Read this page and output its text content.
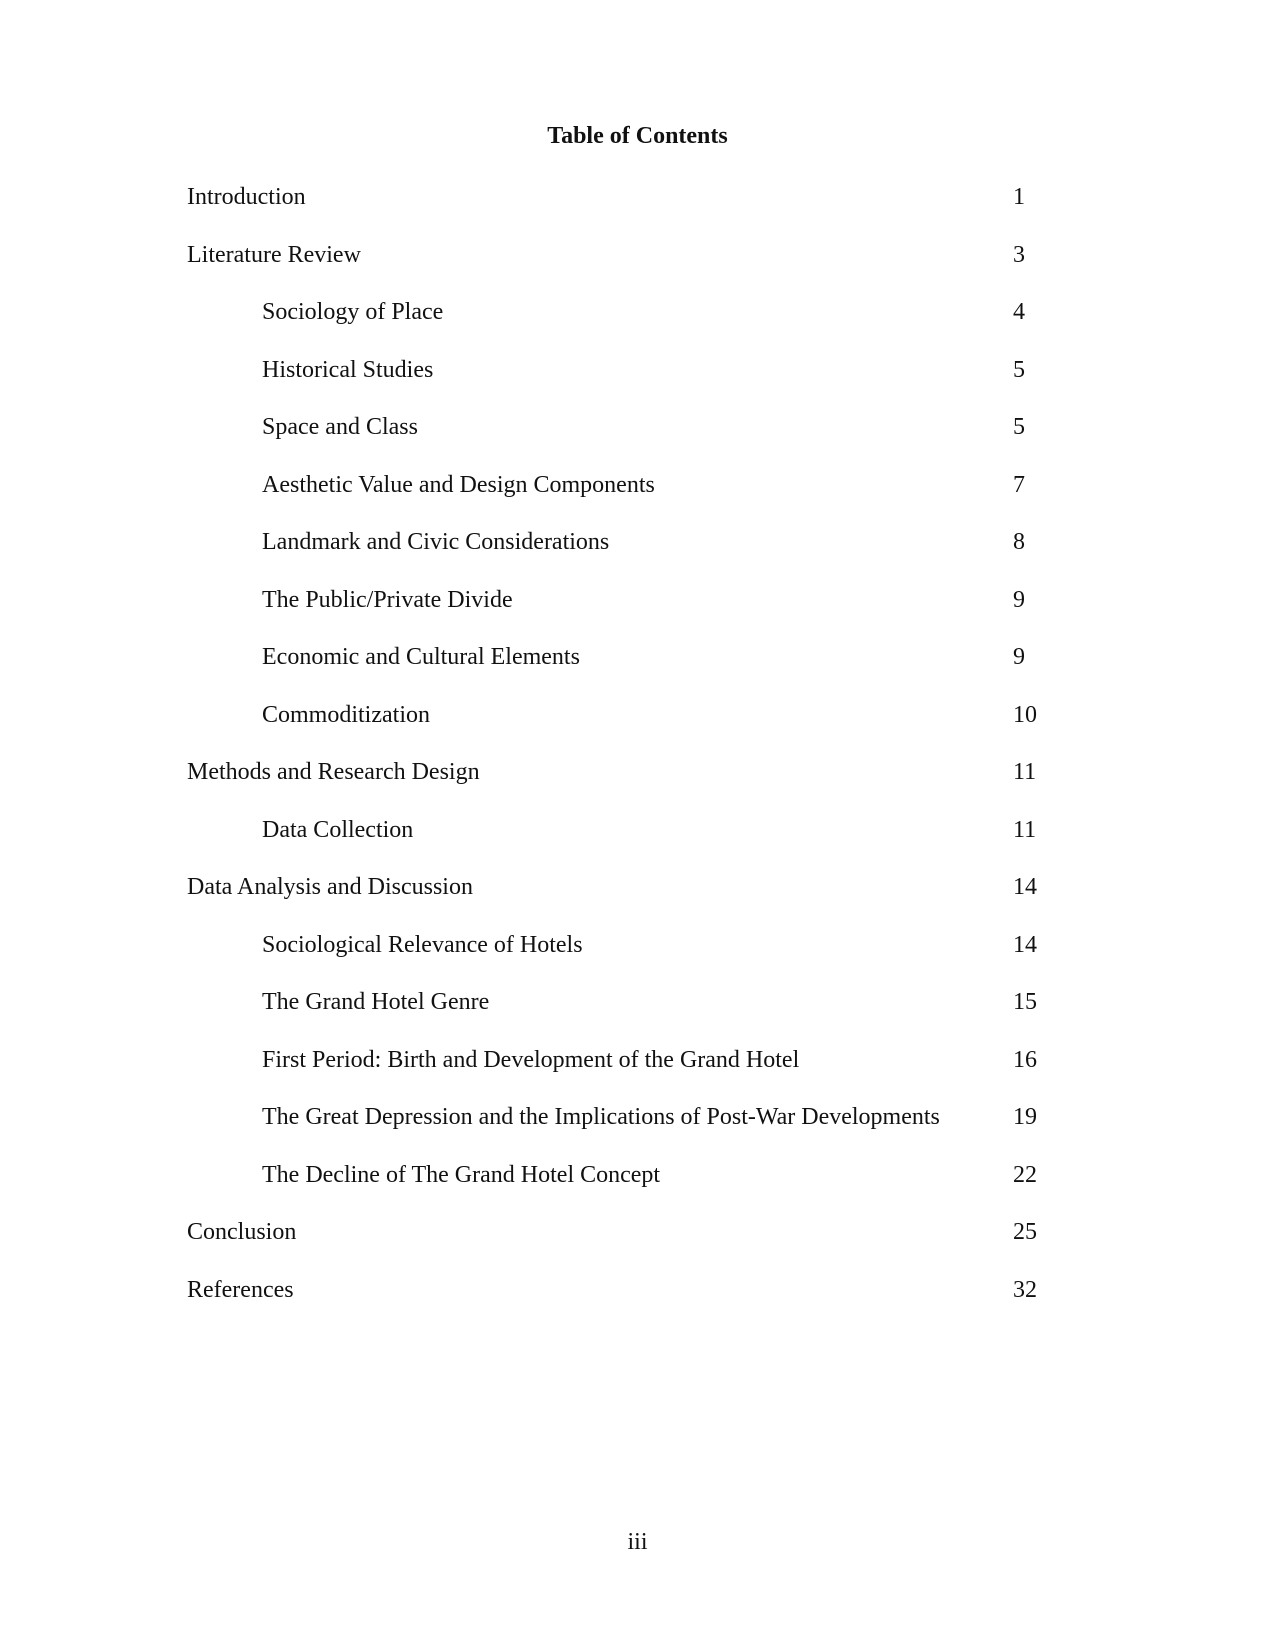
Table of Contents
Introduction	1
Literature Review	3
Sociology of Place	4
Historical Studies	5
Space and Class	5
Aesthetic Value and Design Components	7
Landmark and Civic Considerations	8
The Public/Private Divide	9
Economic and Cultural Elements	9
Commoditization	10
Methods and Research Design	11
Data Collection	11
Data Analysis and Discussion	14
Sociological Relevance of Hotels	14
The Grand Hotel Genre	15
First Period: Birth and Development of the Grand Hotel	16
The Great Depression and the Implications of Post-War Developments	19
The Decline of The Grand Hotel Concept	22
Conclusion	25
References	32
iii
